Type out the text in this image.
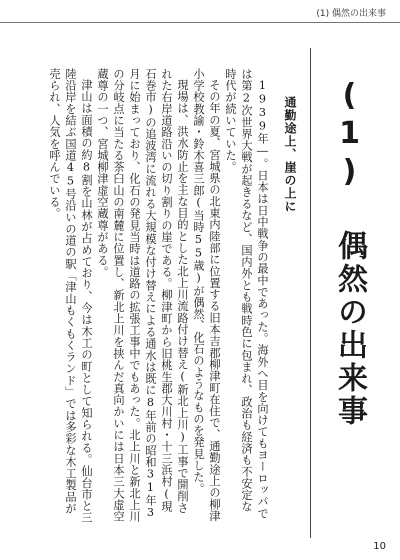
(1) 偶然の出来事
(1) 偶然の出来事
通勤途上、崖の上に

1939年―。日本は日中戦争の最中であった。海外へ目を向けてもヨーロッパでは第2次世界大戦が起きるなど、国内外とも戦時色に包まれ、政治も経済も不安定な時代が続いていた。

その年の夏、宮城県の北東内陸部に位置する旧本吉郡柳津町在住で、通勤途上の柳津小学校教諭・鈴木喜三郎(当時55歳)が偶然、化石のようなものを発見した。

現場は、洪水防止を主な目的とした北上川流路付け替え(新北上川)工事で開削された右岸道路沿いの切り割りの崖である。柳津町から旧桃生郡大川村・十三浜村(現石巻市)の追波湾に流れる大規模な付け替えによる通水は既に8年前の昭和31年3月に始まっており、化石の発見当時は道路の拡張工事中でもあった。北上川と新北上川の分岐点に当たる茶臼山の南麓に位置し、新北上川を挟んだ真向かいには日本三大虚空蔵尊の一つ、宮城柳津虚空蔵尊がある。

津山は面積の約8割を山林が占めており、今は木工の町として知られる。仙台市と三陸沿岸を結ぶ国道45号沿いの道の駅「津山もくもくランド」では多彩な木工製品が売られ、人気を呼んでいる。

10
